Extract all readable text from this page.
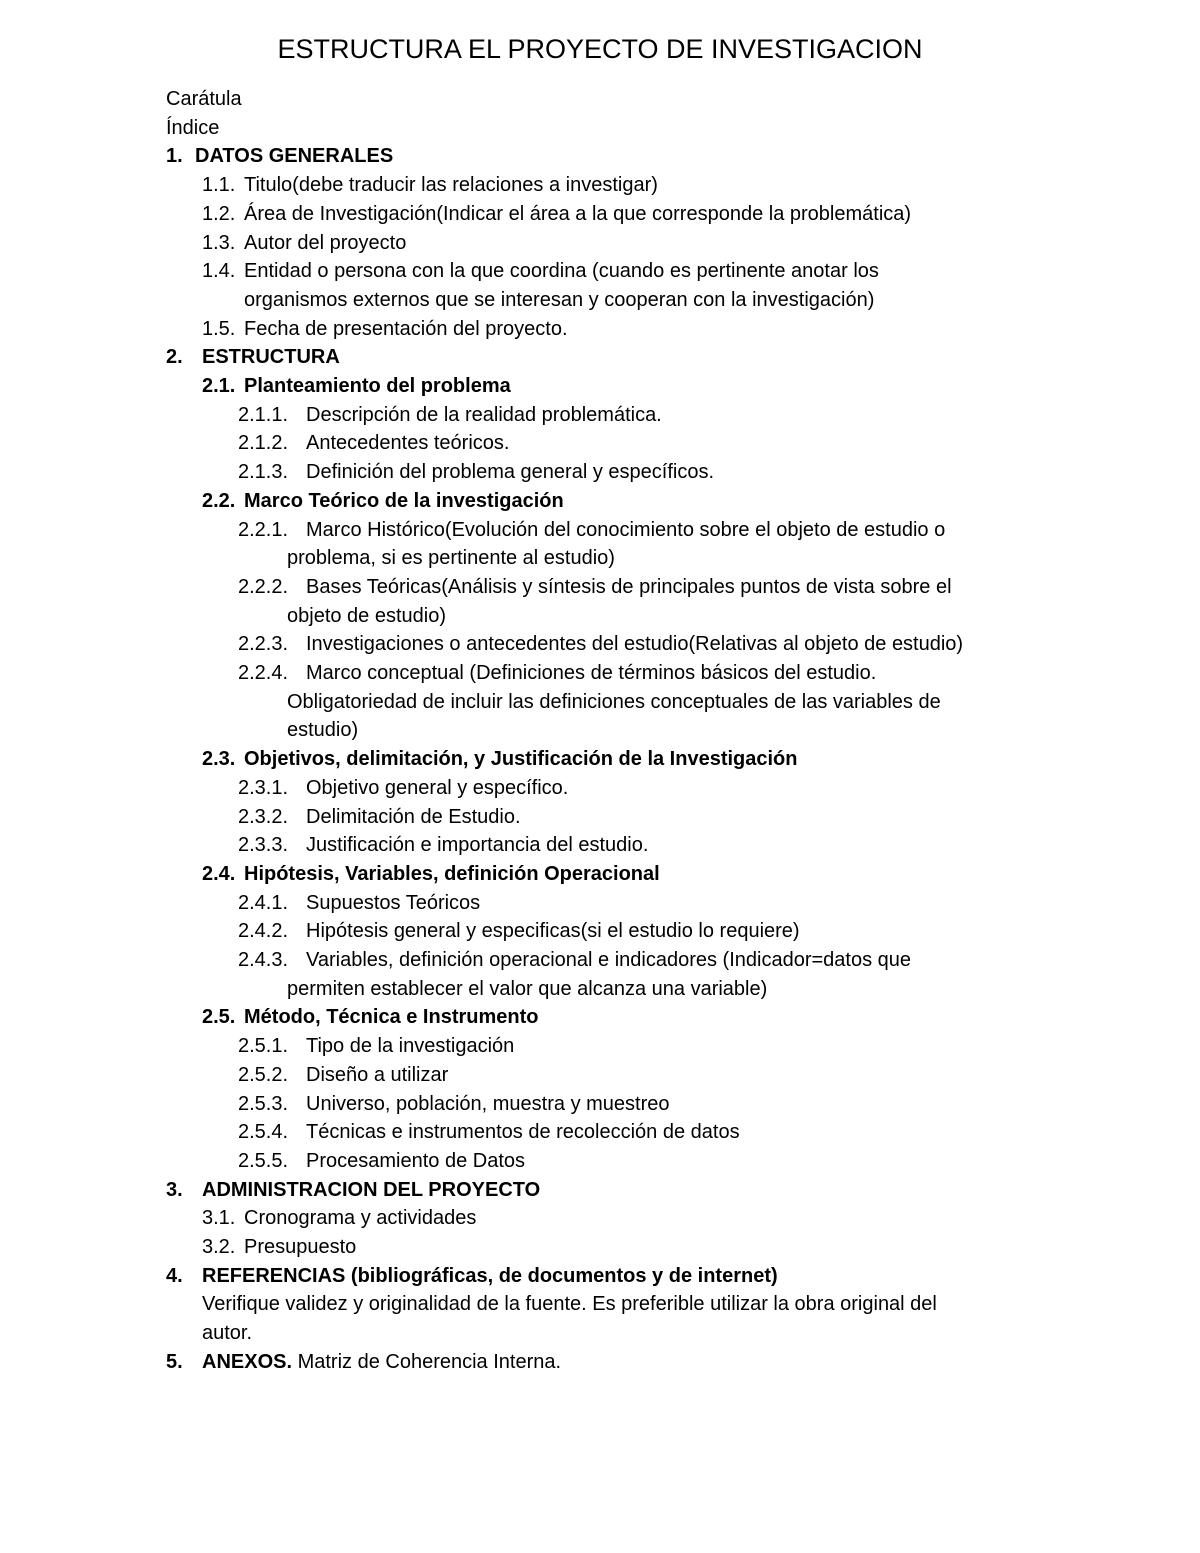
ESTRUCTURA EL PROYECTO DE INVESTIGACION
Carátula
Índice
1. DATOS GENERALES
1.1. Titulo(debe traducir las relaciones a investigar)
1.2. Área de Investigación(Indicar el área a la que corresponde la problemática)
1.3. Autor del proyecto
1.4. Entidad o persona con la que coordina (cuando es pertinente anotar los
organismos externos que se interesan y cooperan con la investigación)
1.5. Fecha de presentación del proyecto.
2. ESTRUCTURA
2.1. Planteamiento del problema
2.1.1. Descripción de la realidad problemática.
2.1.2. Antecedentes teóricos.
2.1.3. Definición del problema general y específicos.
2.2. Marco Teórico de la investigación
2.2.1. Marco Histórico(Evolución del conocimiento sobre el objeto de estudio o
problema, si es pertinente al estudio)
2.2.2. Bases Teóricas(Análisis y síntesis de principales puntos de vista sobre el
objeto de estudio)
2.2.3. Investigaciones o antecedentes del estudio(Relativas al objeto de estudio)
2.2.4. Marco conceptual (Definiciones de términos básicos del estudio.
Obligatoriedad de incluir las definiciones conceptuales de las variables de
estudio)
2.3. Objetivos, delimitación, y Justificación de la Investigación
2.3.1. Objetivo general y específico.
2.3.2. Delimitación de Estudio.
2.3.3. Justificación e importancia del estudio.
2.4. Hipótesis, Variables, definición Operacional
2.4.1. Supuestos Teóricos
2.4.2. Hipótesis general y especificas(si el estudio lo requiere)
2.4.3. Variables, definición operacional e indicadores (Indicador=datos que
permiten establecer el valor que alcanza una variable)
2.5. Método, Técnica e Instrumento
2.5.1. Tipo de la investigación
2.5.2. Diseño a utilizar
2.5.3. Universo, población, muestra y muestreo
2.5.4. Técnicas e instrumentos de recolección de datos
2.5.5. Procesamiento de Datos
3. ADMINISTRACION DEL PROYECTO
3.1. Cronograma y actividades
3.2. Presupuesto
4. REFERENCIAS (bibliográficas, de documentos y de internet)
Verifique validez y originalidad de la fuente. Es preferible utilizar la obra original del
autor.
5. ANEXOS. Matriz de Coherencia Interna.
